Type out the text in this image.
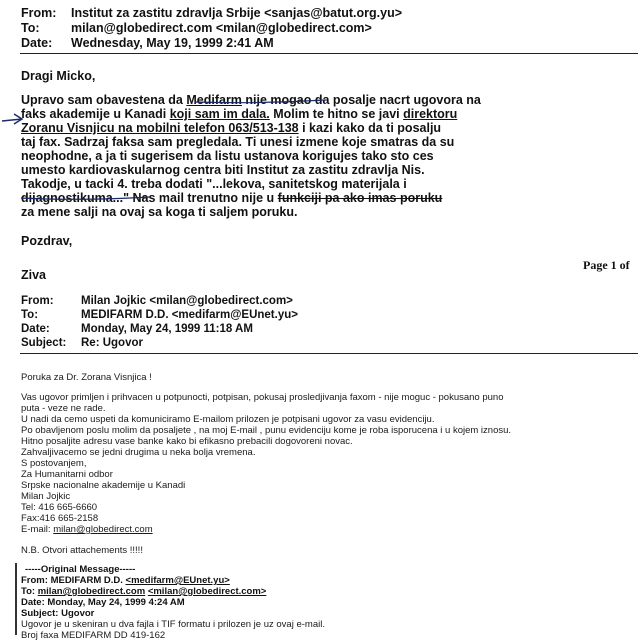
From: Institut za zastitu zdravlja Srbije <sanjas@batut.org.yu>
To:	milan@globedirect.com <milan@globedirect.com>
Date: Wednesday, May 19, 1999 2:41 AM
Dragi Micko,
Upravo sam obavestena da Medifarm nije mogao da posalje nacrt ugovora na
faks akademije u Kanadi koji sam im dala. Molim te hitno se javi direktoru
Zoranu Visnjicu na mobilni telefon 063/513-138 i kazi kako da ti posalju
taj fax. Sadrzaj faksa sam pregledala. Ti unesi izmene koje smatras da su
neophodne, a ja ti sugerisem da listu ustanova korigujes tako sto ces
umesto kardiovaskularnog centra biti Institut za zastitu zdravlja Nis.
Takodje, u tacki 4. treba dodati "...lekova, sanitetskog materijala i
dijagnostikuma..." Nas mail trenutno nije u funkciji pa ako imas poruku
za mene salji na ovaj sa koga ti saljem poruku.
Pozdrav,
Ziva
Page 1 of
From: Milan Jojkic <milan@globedirect.com>
To:	MEDIFARM D.D. <medifarm@EUnet.yu>
Date:	Monday, May 24, 1999 11:18 AM
Subject: Re: Ugovor
Poruka za Dr. Zorana Visnjica !
Vas ugovor primljen i prihvacen u potpunocti, potpisan, pokusaj prosledjivanja faxom - nije moguc - pokusano puno
puta - veze ne rade.
U nadi da cemo uspeti da komuniciramo E-mailom prilozen je potpisani ugovor za vasu evidenciju.
Po obavljenom poslu molim da posaljete , na moj E-mail , punu evidenciju kome je roba isporucena i u kojem iznosu.
Hitno posaljite adresu vase banke kako bi efikasno prebacili dogovoreni novac.
Zahvaljivacemo se jedni drugima u neka bolja vremena.
S postovanjem,
Za Humanitarni odbor
Srpske nacionalne akademije u Kanadi
Milan Jojkic
Tel: 416 665-6660
Fax:416 665-2158
E-mail: milan@globedirect.com
N.B. Otvori attachements !!!!!
-----Original Message-----
From: MEDIFARM D.D. <medifarm@EUnet.yu>
To: milan@globedirect.com <milan@globedirect.com>
Date: Monday, May 24, 1999 4:24 AM
Subject: Ugovor
Ugovor je u skeniran u dva fajla i TIF formatu i prilozen je uz ovaj e-mail.
Broj faxa MEDIFARM DD 419-162
